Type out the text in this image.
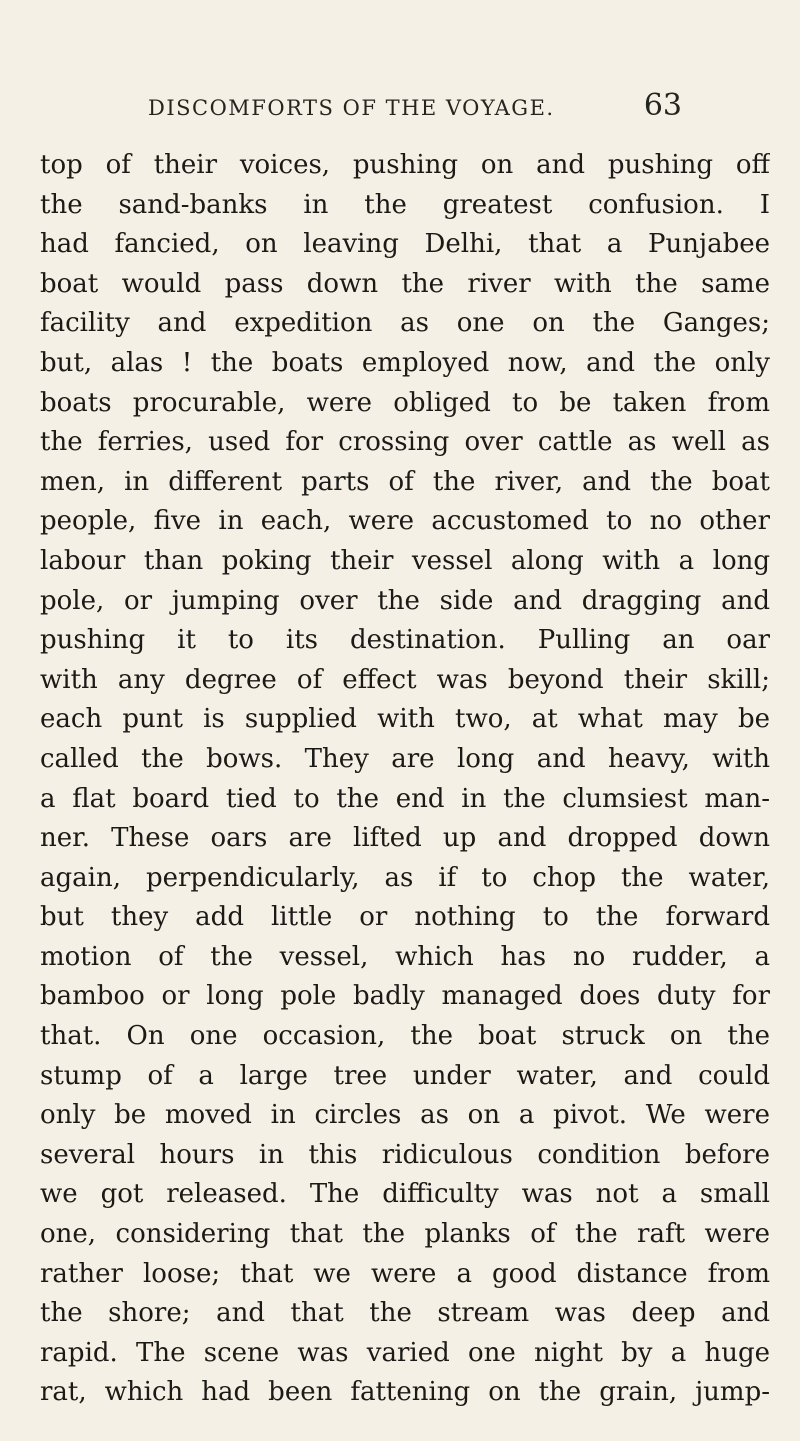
DISCOMFORTS OF THE VOYAGE.	63
top of their voices, pushing on and pushing off
the sand-banks in the greatest confusion. I
had fancied, on leaving Delhi, that a Punjabee
boat would pass down the river with the same
facility and expedition as one on the Ganges;
but, alas ! the boats employed now, and the only
boats procurable, were obliged to be taken from
the ferries, used for crossing over cattle as well as
men, in different parts of the river, and the boat
people, five in each, were accustomed to no other
labour than poking their vessel along with a long
pole, or jumping over the side and dragging and
pushing it to its destination. Pulling an oar
with any degree of effect was beyond their skill;
each punt is supplied with two, at what may be
called the bows. They are long and heavy, with
a flat board tied to the end in the clumsiest man-
ner. These oars are lifted up and dropped down
again, perpendicularly, as if to chop the water,
but they add little or nothing to the forward
motion of the vessel, which has no rudder, a
bamboo or long pole badly managed does duty for
that. On one occasion, the boat struck on the
stump of a large tree under water, and could
only be moved in circles as on a pivot. We were
several hours in this ridiculous condition before
we got released. The difficulty was not a small
one, considering that the planks of the raft were
rather loose; that we were a good distance from
the shore; and that the stream was deep and
rapid. The scene was varied one night by a huge
rat, which had been fattening on the grain, jump-
